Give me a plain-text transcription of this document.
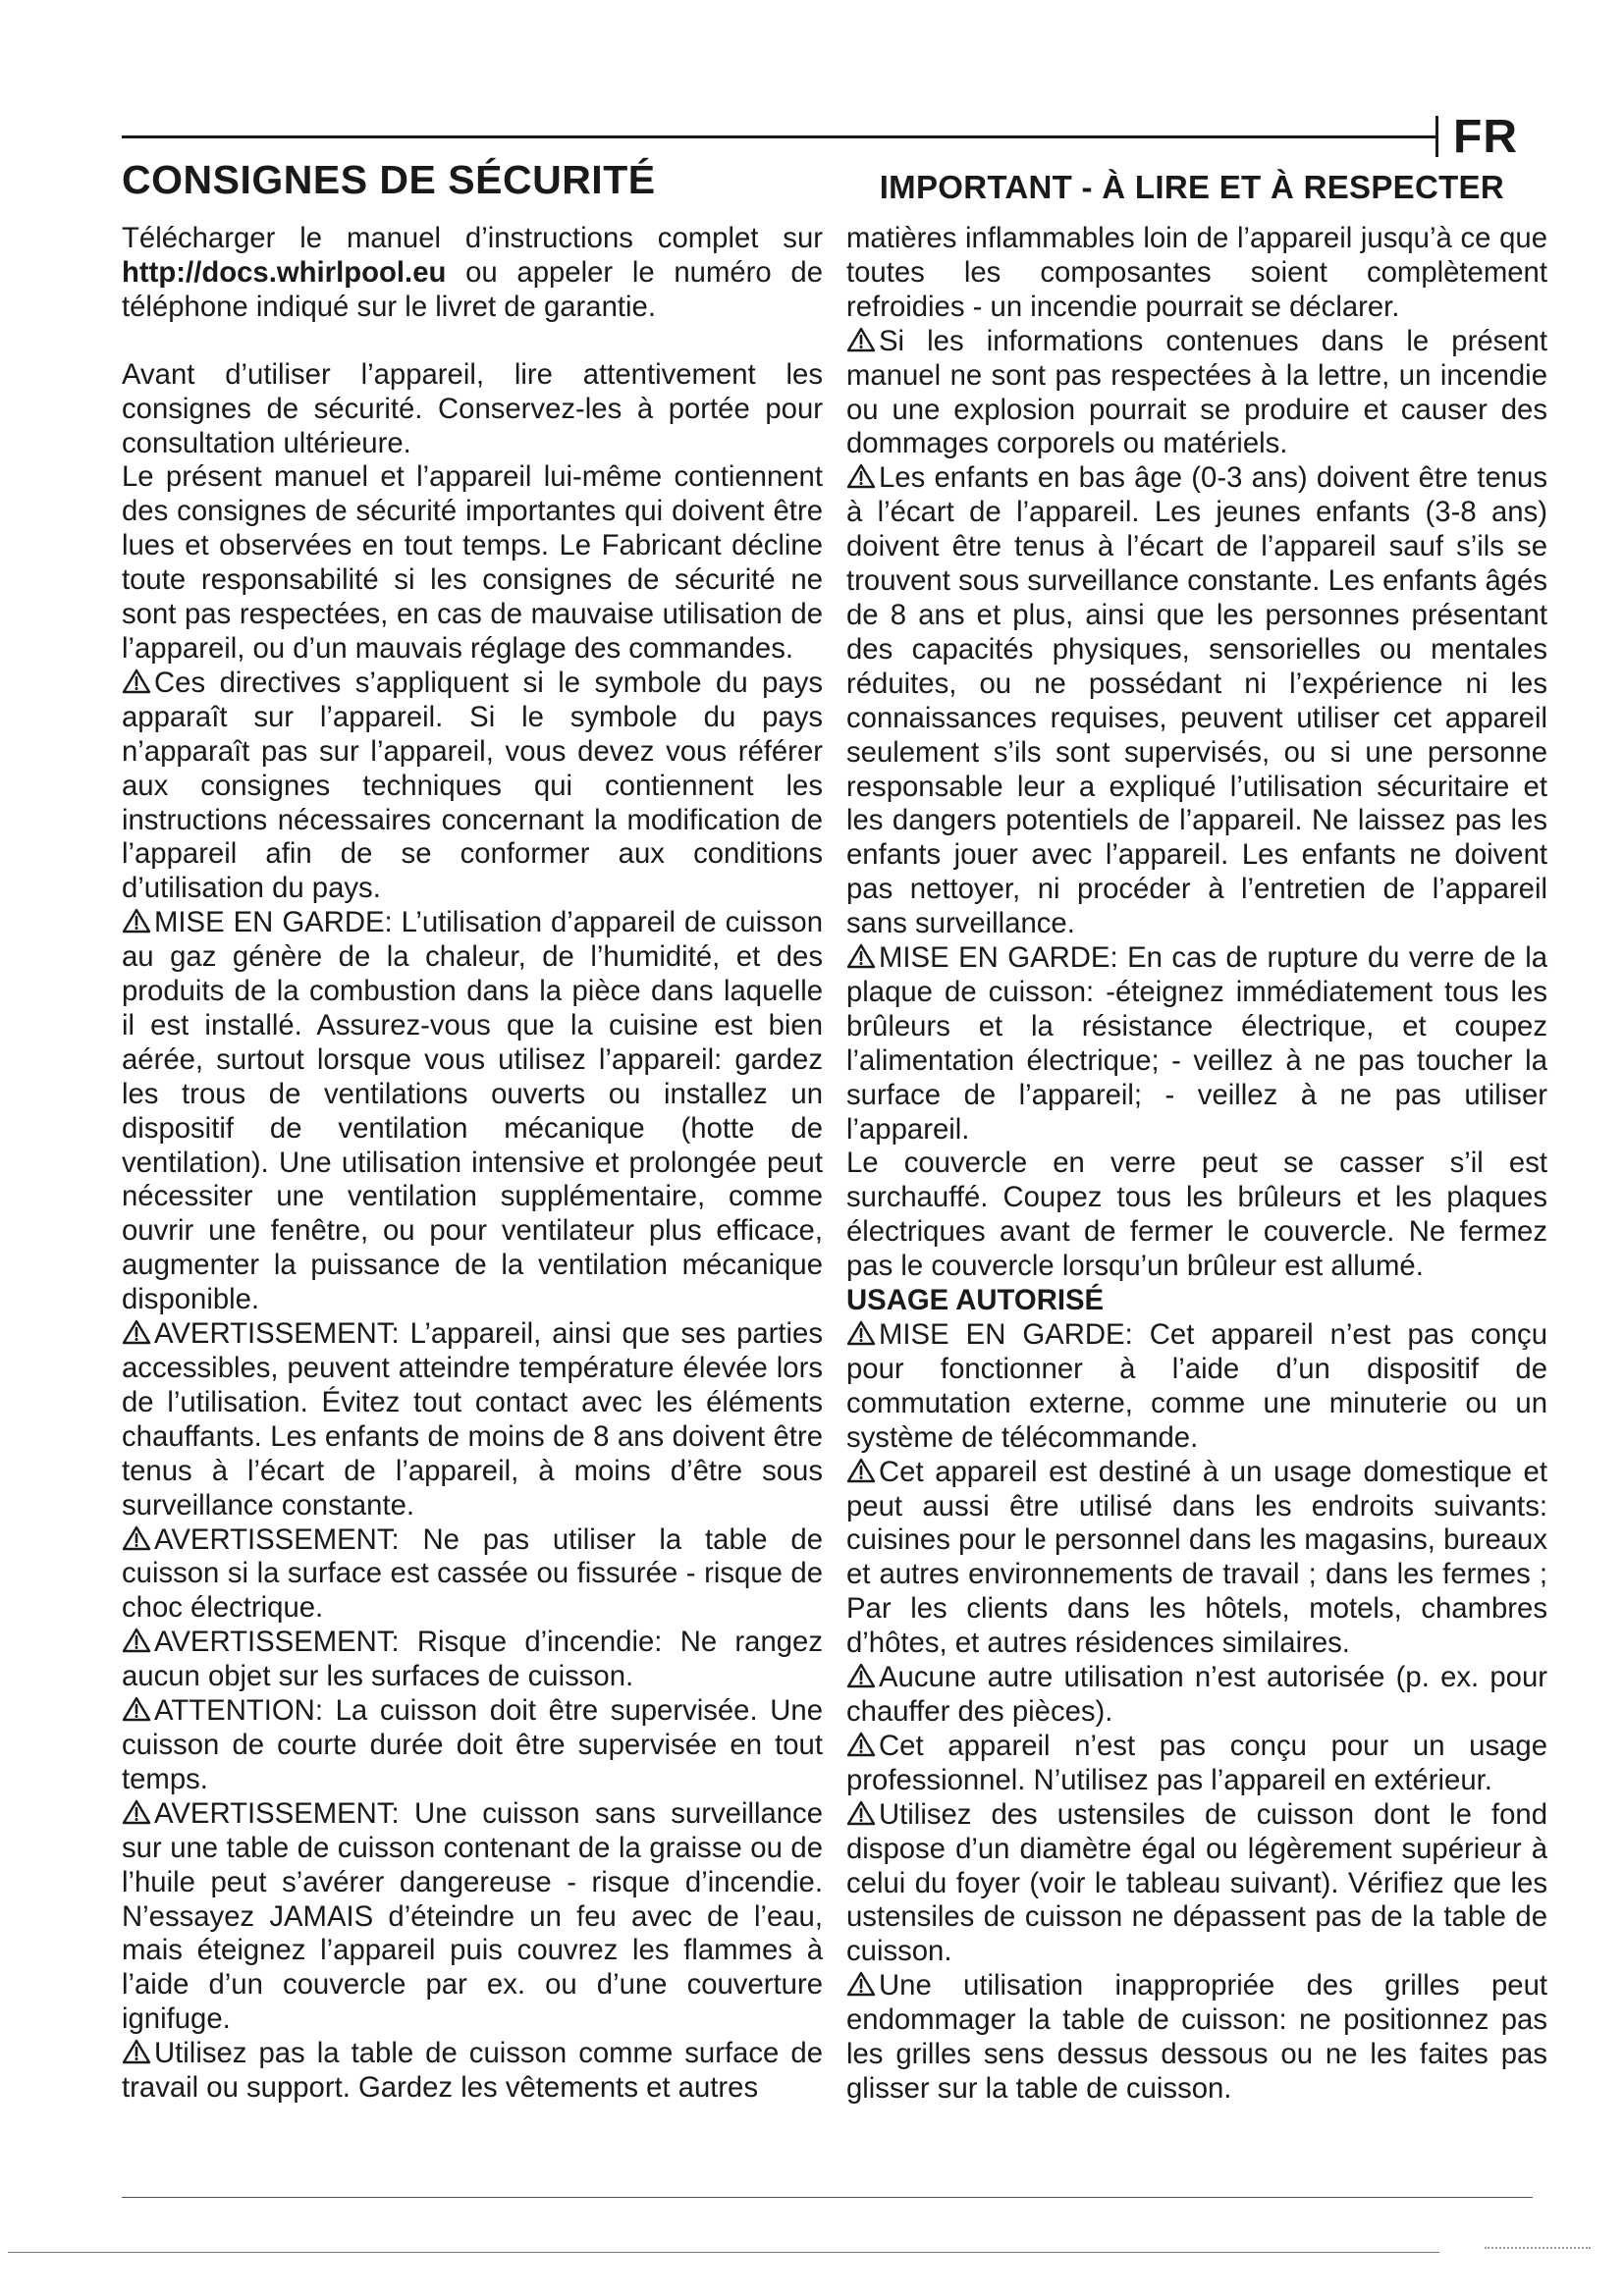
FR
CONSIGNES DE SÉCURITÉ	IMPORTANT - À LIRE ET À RESPECTER

Télécharger le manuel d’instructions complet sur http://docs.whirlpool.eu ou appeler le numéro de téléphone indiqué sur le livret de garantie.

Avant d’utiliser l’appareil, lire attentivement les consignes de sécurité. Conservez-les à portée pour consultation ultérieure.

Le présent manuel et l’appareil lui-même contiennent des consignes de sécurité importantes qui doivent être lues et observées en tout temps. Le Fabricant décline toute responsabilité si les consignes de sécurité ne sont pas respectées, en cas de mauvaise utilisation de l’appareil, ou d’un mauvais réglage des commandes.

Ces directives s’appliquent si le symbole du pays apparaît sur l’appareil. Si le symbole du pays n’apparaît pas sur l’appareil, vous devez vous référer aux consignes techniques qui contiennent les instructions nécessaires concernant la modification de l’appareil afin de se conformer aux conditions d’utilisation du pays.

MISE EN GARDE: L’utilisation d’appareil de cuisson au gaz génère de la chaleur, de l’humidité, et des produits de la combustion dans la pièce dans laquelle il est installé. Assurez-vous que la cuisine est bien aérée, surtout lorsque vous utilisez l’appareil: gardez les trous de ventilations ouverts ou installez un dispositif de ventilation mécanique (hotte de ventilation). Une utilisation intensive et prolongée peut nécessiter une ventilation supplémentaire, comme ouvrir une fenêtre, ou pour ventilateur plus efficace, augmenter la puissance de la ventilation mécanique disponible.

AVERTISSEMENT: L’appareil, ainsi que ses parties accessibles, peuvent atteindre température élevée lors de l’utilisation. Évitez tout contact avec les éléments chauffants. Les enfants de moins de 8 ans doivent être tenus à l’écart de l’appareil, à moins d’être sous surveillance constante.

AVERTISSEMENT: Ne pas utiliser la table de cuisson si la surface est cassée ou fissurée - risque de choc électrique.

AVERTISSEMENT: Risque d’incendie: Ne rangez aucun objet sur les surfaces de cuisson.

ATTENTION: La cuisson doit être supervisée. Une cuisson de courte durée doit être supervisée en tout temps.

AVERTISSEMENT: Une cuisson sans surveillance sur une table de cuisson contenant de la graisse ou de l’huile peut s’avérer dangereuse - risque d’incendie. N’essayez JAMAIS d’éteindre un feu avec de l’eau, mais éteignez l’appareil puis couvrez les flammes à l’aide d’un couvercle par ex. ou d’une couverture ignifuge.

Utilisez pas la table de cuisson comme surface de travail ou support. Gardez les vêtements et autres

matières inflammables loin de l’appareil jusqu’à ce que toutes les composantes soient complètement refroidies - un incendie pourrait se déclarer.

Si les informations contenues dans le présent manuel ne sont pas respectées à la lettre, un incendie ou une explosion pourrait se produire et causer des dommages corporels ou matériels.

Les enfants en bas âge (0-3 ans) doivent être tenus à l’écart de l’appareil. Les jeunes enfants (3-8 ans) doivent être tenus à l’écart de l’appareil sauf s’ils se trouvent sous surveillance constante. Les enfants âgés de 8 ans et plus, ainsi que les personnes présentant des capacités physiques, sensorielles ou mentales réduites, ou ne possédant ni l’expérience ni les connaissances requises, peuvent utiliser cet appareil seulement s’ils sont supervisés, ou si une personne responsable leur a expliqué l’utilisation sécuritaire et les dangers potentiels de l’appareil. Ne laissez pas les enfants jouer avec l’appareil. Les enfants ne doivent pas nettoyer, ni procéder à l’entretien de l’appareil sans surveillance.

MISE EN GARDE: En cas de rupture du verre de la plaque de cuisson: -éteignez immédiatement tous les brûleurs et la résistance électrique, et coupez l’alimentation électrique; - veillez à ne pas toucher la surface de l’appareil; - veillez à ne pas utiliser l’appareil.

Le couvercle en verre peut se casser s’il est surchauffé. Coupez tous les brûleurs et les plaques électriques avant de fermer le couvercle. Ne fermez pas le couvercle lorsqu’un brûleur est allumé.

USAGE AUTORISÉ

MISE EN GARDE: Cet appareil n’est pas conçu pour fonctionner à l’aide d’un dispositif de commutation externe, comme une minuterie ou un système de télécommande.

Cet appareil est destiné à un usage domestique et peut aussi être utilisé dans les endroits suivants: cuisines pour le personnel dans les magasins, bureaux et autres environnements de travail ; dans les fermes ; Par les clients dans les hôtels, motels, chambres d’hôtes, et autres résidences similaires.

Aucune autre utilisation n’est autorisée (p. ex. pour chauffer des pièces).

Cet appareil n’est pas conçu pour un usage professionnel. N’utilisez pas l’appareil en extérieur.

Utilisez des ustensiles de cuisson dont le fond dispose d’un diamètre égal ou légèrement supérieur à celui du foyer (voir le tableau suivant). Vérifiez que les ustensiles de cuisson ne dépassent pas de la table de cuisson.

Une utilisation inappropriée des grilles peut endommager la table de cuisson: ne positionnez pas les grilles sens dessus dessous ou ne les faites pas glisser sur la table de cuisson.
